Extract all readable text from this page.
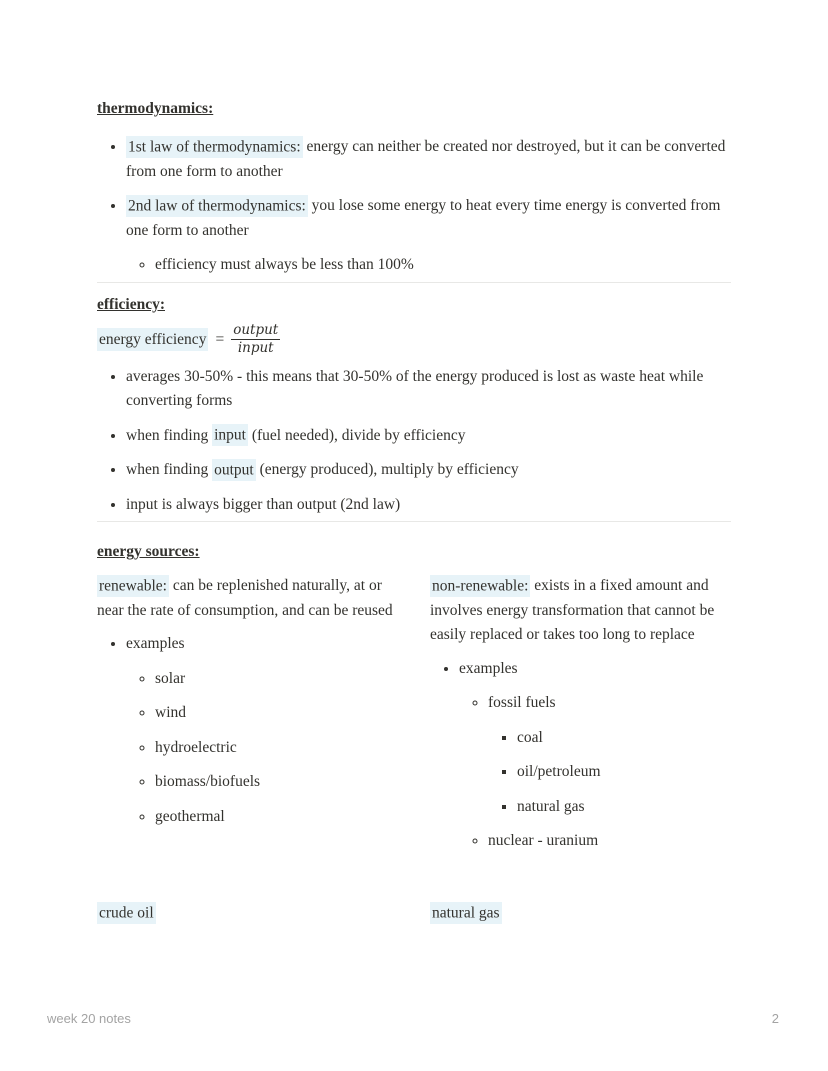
thermodynamics:
• 1st law of thermodynamics: energy can neither be created nor destroyed, but it can be converted from one form to another
• 2nd law of thermodynamics: you lose some energy to heat every time energy is converted from one form to another
◦ efficiency must always be less than 100%
efficiency:
energy efficiency = $\frac{\text{output}}{\text{input}}$
• averages 30-50% - this means that 30-50% of the energy produced is lost as waste heat while converting forms
• when finding input (fuel needed), divide by efficiency
• when finding output (energy produced), multiply by efficiency
• input is always bigger than output (2nd law)
energy sources:

renewable: can be replenished naturally, at or near the rate of consumption, and can be reused

• examples
◦ solar
◦ wind
◦ hydroelectric
◦ biomass/biofuels
◦ geothermal

non-renewable: exists in a fixed amount and involves energy transformation that cannot be easily replaced or takes too long to replace

• examples
◦ fossil fuels
▪ coal
▪ oil/petroleum
▪ natural gas
◦ nuclear - uranium
crude oil	natural gas
week 20 notes	2
